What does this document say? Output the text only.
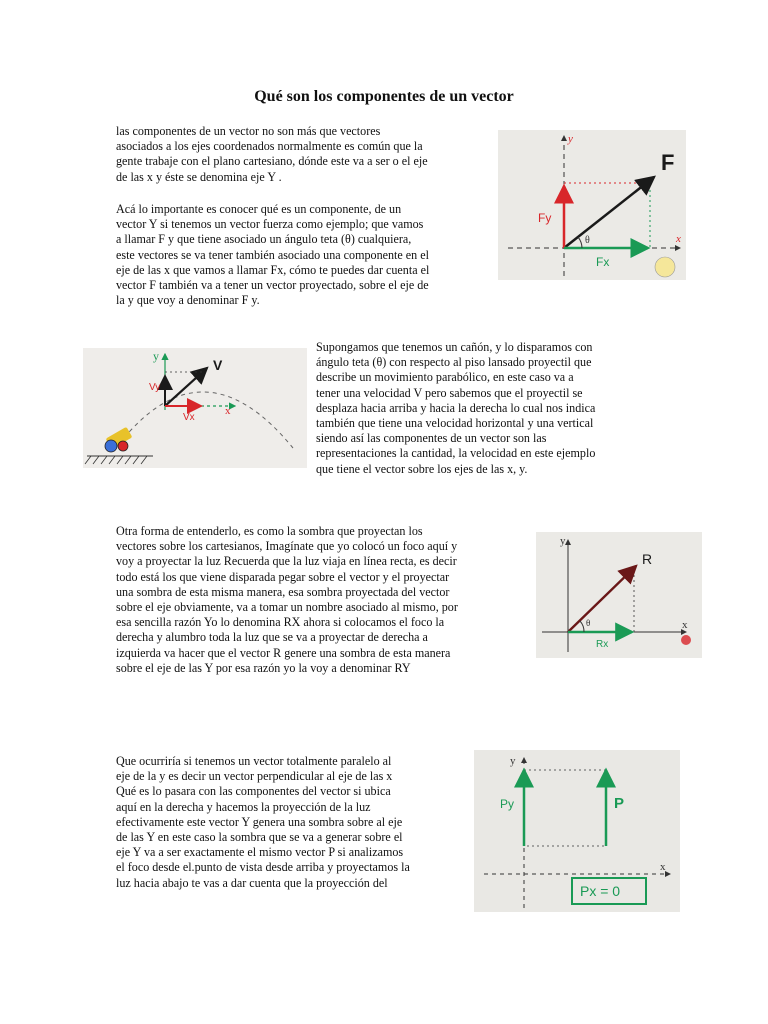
Qué son los componentes de un vector

las componentes de un vector no son más que vectores
asociados a los ejes coordenados normalmente es común que la
gente trabaje con el plano cartesiano, dónde este va a ser o el eje
de las x y éste se denomina eje Y .

Acá lo importante es conocer qué es un componente, de un
vector Y si tenemos un vector fuerza como ejemplo; que vamos
a llamar F y que tiene asociado un ángulo teta (θ) cualquiera,
este vectores se va tener también asociado una componente en el
eje de las x que vamos a llamar Fx, cómo te puedes dar cuenta el
vector F también va a tener un vector proyectado, sobre el eje de
la y que voy a denominar F y.

Supongamos que tenemos un cañón, y lo disparamos con
ángulo teta (θ) con respecto al piso lansado proyectil que
describe un movimiento parabólico, en este caso va a
tener una velocidad V pero sabemos que el proyectil se
desplaza hacia arriba y hacia la derecha lo cual nos indica
también que tiene una velocidad horizontal y una vertical
siendo así las componentes de un vector son las
representaciones la cantidad, la velocidad en este ejemplo
que tiene el vector sobre los ejes de las x, y.

Otra forma de entenderlo, es como la sombra que proyectan los
vectores sobre los cartesianos, Imagínate que yo colocó un foco aquí y
voy a proyectar la luz Recuerda que la luz viaja en línea recta, es decir
todo está los que viene disparada pegar sobre el vector y el proyectar
una sombra de esta misma manera, esa sombra proyectada del vector
sobre el eje obviamente, va a tomar un nombre asociado al mismo, por
esa sencilla razón Yo lo denomina RX ahora si colocamos el foco la
derecha y alumbro toda la luz que se va a proyectar de derecha a
izquierda va hacer que el vector R genere una sombra de esta manera
sobre el eje de las Y por esa razón yo la voy a denominar RY

Que ocurriría si tenemos un vector totalmente paralelo al
eje de la y es decir un vector perpendicular al eje de las x
Qué es lo pasara con las componentes del vector si ubica
aquí en la derecha y hacemos la proyección de la luz
efectivamente este vector Y genera una sombra sobre al eje
de las Y en este caso la sombra que se va a generar sobre el
eje Y va a ser exactamente el mismo vector P si analizamos
el foco desde el.punto de vista desde arriba y proyectamos la
luz hacia abajo te vas a dar cuenta que la proyección del

x
y
θ
F
Fy
Fx
y
x
V
Vy
Vx
y
x
θ
R
Rx
y
x
P
Py
Px = 0
